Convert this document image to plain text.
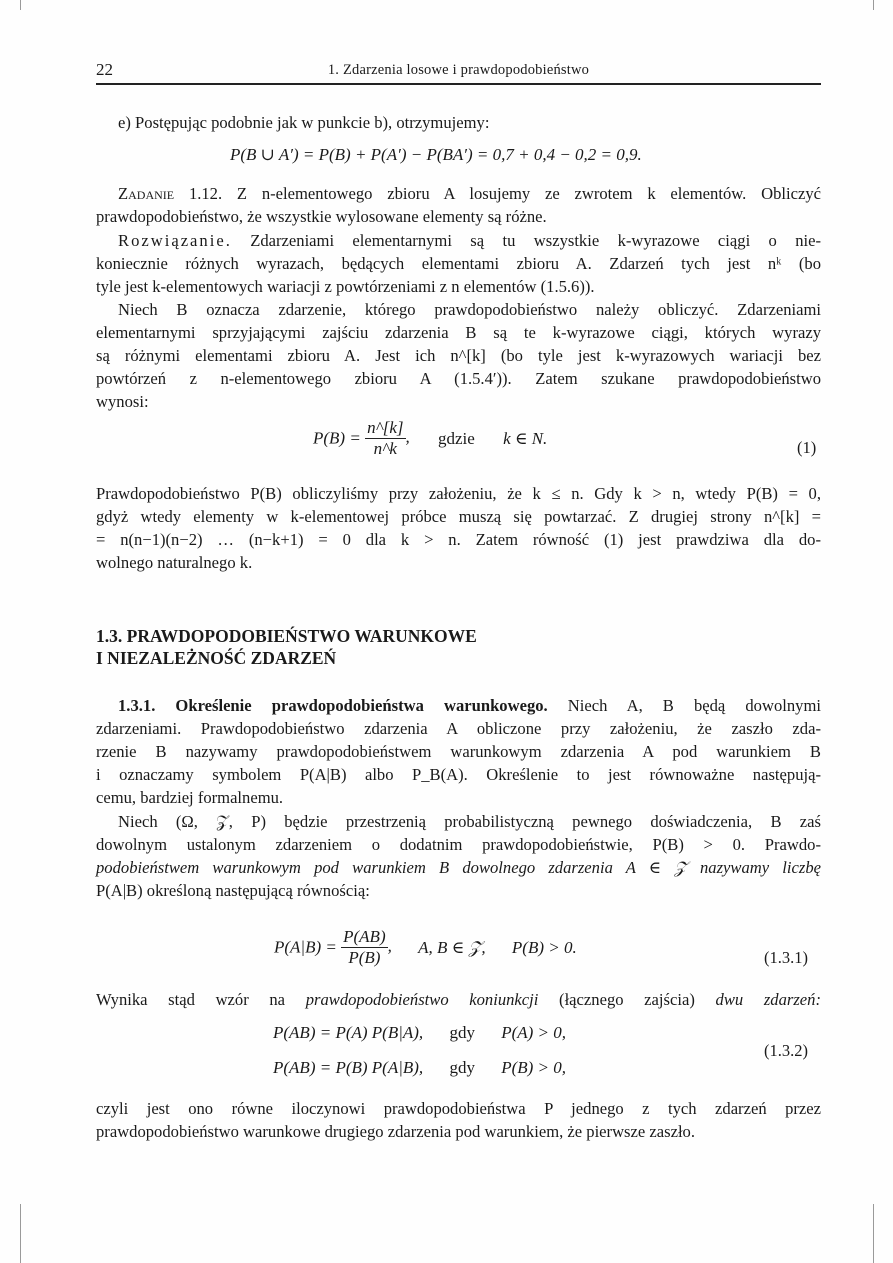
22	1. Zdarzenia losowe i prawdopodobieństwo
e) Postępując podobnie jak w punkcie b), otrzymujemy:
P(B ∪ A′) = P(B) + P(A′) − P(BA′) = 0,7 + 0,4 − 0,2 = 0,9.
Zadanie 1.12. Z n-elementowego zbioru A losujemy ze zwrotem k elementów. Obliczyć
prawdopodobieństwo, że wszystkie wylosowane elementy są różne.
Rozwiązanie. Zdarzeniami elementarnymi są tu wszystkie k-wyrazowe ciągi o nie-
koniecznie różnych wyrazach, będących elementami zbioru A. Zdarzeń tych jest nᵏ (bo
tyle jest k-elementowych wariacji z powtórzeniami z n elementów (1.5.6)).
Niech B oznacza zdarzenie, którego prawdopodobieństwo należy obliczyć. Zdarzeniami
elementarnymi sprzyjającymi zajściu zdarzenia B są te k-wyrazowe ciągi, których wyrazy
są różnymi elementami zbioru A. Jest ich n^[k] (bo tyle jest k-wyrazowych wariacji bez
powtórzeń z n-elementowego zbioru A (1.5.4′)). Zatem szukane prawdopodobieństwo
wynosi:
$P(B) = \frac{n\^{}[k]}{n\^{}k}$ , gdzie k ∈ N.	(1)
Prawdopodobieństwo P(B) obliczyliśmy przy założeniu, że k ≤ n. Gdy k > n, wtedy P(B) = 0,
gdyż wtedy elementy w k-elementowej próbce muszą się powtarzać. Z drugiej strony n^[k] =
= n(n−1)(n−2) … (n−k+1) = 0 dla k > n. Zatem równość (1) jest prawdziwa dla do-
wolnego naturalnego k.
1.3. PRAWDOPODOBIEŃSTWO WARUNKOWE
I NIEZALEŻNOŚĆ ZDARZEŃ
1.3.1. Określenie prawdopodobieństwa warunkowego. Niech A, B będą dowolnymi
zdarzeniami. Prawdopodobieństwo zdarzenia A obliczone przy założeniu, że zaszło zda-
rzenie B nazywamy prawdopodobieństwem warunkowym zdarzenia A pod warunkiem B
i oznaczamy symbolem P(A|B) albo P_B(A). Określenie to jest równoważne następują-
cemu, bardziej formalnemu.
Niech (Ω, 𝒵, P) będzie przestrzenią probabilistyczną pewnego doświadczenia, B zaś
dowolnym ustalonym zdarzeniem o dodatnim prawdopodobieństwie, P(B) > 0. Prawdo-
podobieństwem warunkowym pod warunkiem B dowolnego zdarzenia A ∈ 𝒵 nazywamy liczbę
P(A|B) określoną następującą równością:
$P(A|B) = \frac{P(AB)}{P(B)}$ , A, B ∈ 𝒵, P(B) > 0.
(1.3.1)
Wynika stąd wzór na prawdopodobieństwo koniunkcji (łącznego zajścia) dwu zdarzeń:
P(AB) = P(A) P(B|A), gdy P(A) > 0,
P(AB) = P(B) P(A|B), gdy P(B) > 0,
(1.3.2)
czyli jest ono równe iloczynowi prawdopodobieństwa P jednego z tych zdarzeń przez
prawdopodobieństwo warunkowe drugiego zdarzenia pod warunkiem, że pierwsze zaszło.
